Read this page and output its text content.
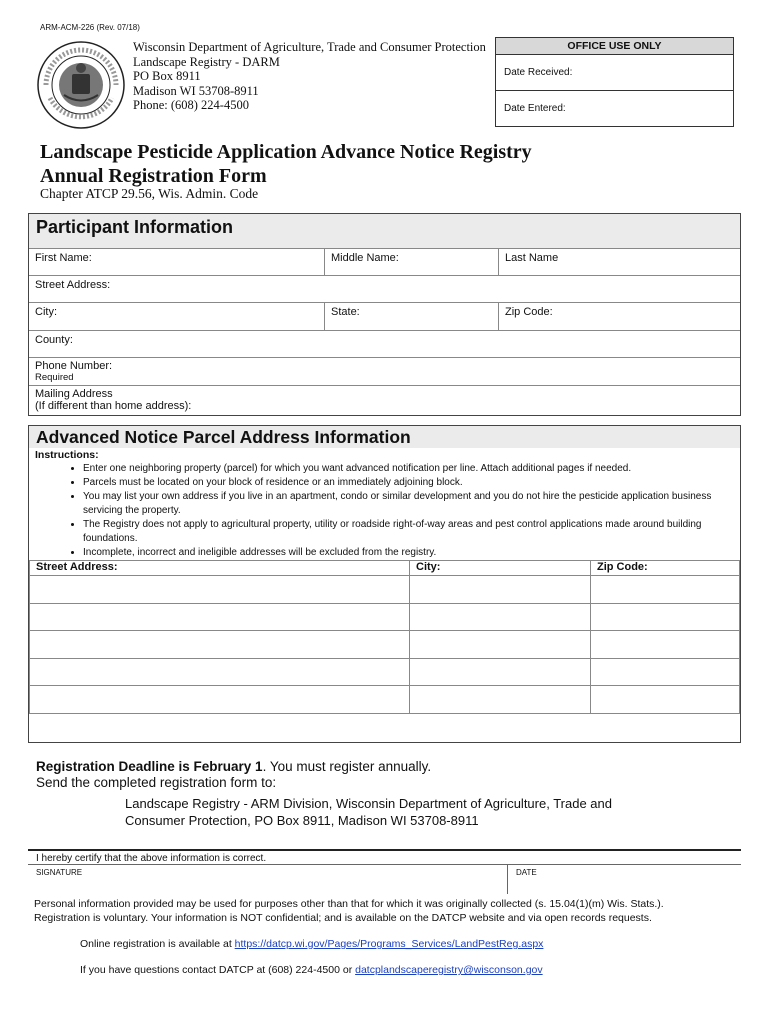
ARM-ACM-226 (Rev. 07/18)
Wisconsin Department of Agriculture, Trade and Consumer Protection
Landscape Registry - DARM
PO Box 8911
Madison WI 53708-8911
Phone: (608) 224-4500
OFFICE USE ONLY
Date Received:
Date Entered:
Landscape Pesticide Application Advance Notice Registry
Annual Registration Form
Chapter ATCP 29.56, Wis. Admin. Code
Participant Information
First Name:	Middle Name:	Last Name
Street Address:
City:	State:	Zip Code:
County:
Phone Number:
Required
Mailing Address
(If different than home address):
Advanced Notice Parcel Address Information
Instructions:
• Enter one neighboring property (parcel) for which you want advanced notification per line. Attach additional pages if needed.
• Parcels must be located on your block of residence or an immediately adjoining block.
• You may list your own address if you live in an apartment, condo or similar development and you do not hire the pesticide application business servicing the property.
• The Registry does not apply to agricultural property, utility or roadside right-of-way areas and pest control applications made around building foundations.
• Incomplete, incorrect and ineligible addresses will be excluded from the registry.
Street Address:	City:	Zip Code:

Registration Deadline is February 1. You must register annually.
Send the completed registration form to:
Landscape Registry - ARM Division, Wisconsin Department of Agriculture, Trade and
Consumer Protection, PO Box 8911, Madison WI 53708-8911
I hereby certify that the above information is correct.
SIGNATURE	DATE
Personal information provided may be used for purposes other than that for which it was originally collected (s. 15.04(1)(m) Wis. Stats.).
Registration is voluntary. Your information is NOT confidential; and is available on the DATCP website and via open records requests.
Online registration is available at https://datcp.wi.gov/Pages/Programs_Services/LandPestReg.aspx
If you have questions contact DATCP at (608) 224-4500 or datcplandscaperegistry@wisconson.gov
